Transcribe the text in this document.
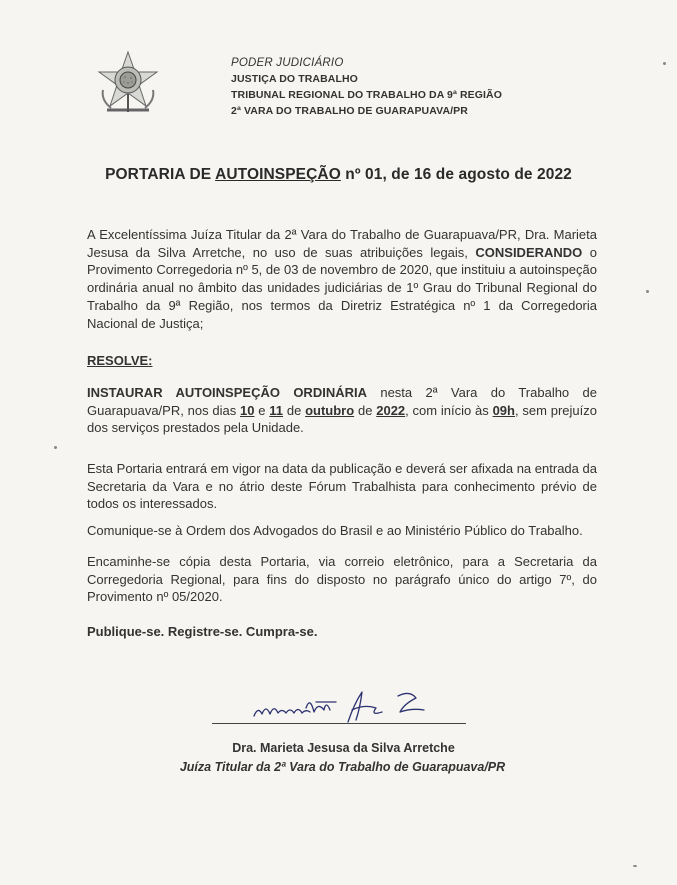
PODER JUDICIÁRIO
JUSTIÇA DO TRABALHO
TRIBUNAL REGIONAL DO TRABALHO DA 9ª REGIÃO
2ª VARA DO TRABALHO DE GUARAPUAVA/PR
PORTARIA DE AUTOINSPEÇÃO nº 01, de 16 de agosto de 2022
A Excelentíssima Juíza Titular da 2ª Vara do Trabalho de Guarapuava/PR, Dra. Marieta Jesusa da Silva Arretche, no uso de suas atribuições legais, CONSIDERANDO o Provimento Corregedoria nº 5, de 03 de novembro de 2020, que instituiu a autoinspeção ordinária anual no âmbito das unidades judiciárias de 1º Grau do Tribunal Regional do Trabalho da 9ª Região, nos termos da Diretriz Estratégica nº 1 da Corregedoria Nacional de Justiça;
RESOLVE:
INSTAURAR AUTOINSPEÇÃO ORDINÁRIA nesta 2ª Vara do Trabalho de Guarapuava/PR, nos dias 10 e 11 de outubro de 2022, com início às 09h, sem prejuízo dos serviços prestados pela Unidade.
Esta Portaria entrará em vigor na data da publicação e deverá ser afixada na entrada da Secretaria da Vara e no átrio deste Fórum Trabalhista para conhecimento prévio de todos os interessados.
Comunique-se à Ordem dos Advogados do Brasil e ao Ministério Público do Trabalho.
Encaminhe-se cópia desta Portaria, via correio eletrônico, para a Secretaria da Corregedoria Regional, para fins do disposto no parágrafo único do artigo 7º, do Provimento nº 05/2020.
Publique-se. Registre-se. Cumpra-se.
Dra. Marieta Jesusa da Silva Arretche
Juíza Titular da 2ª Vara do Trabalho de Guarapuava/PR
